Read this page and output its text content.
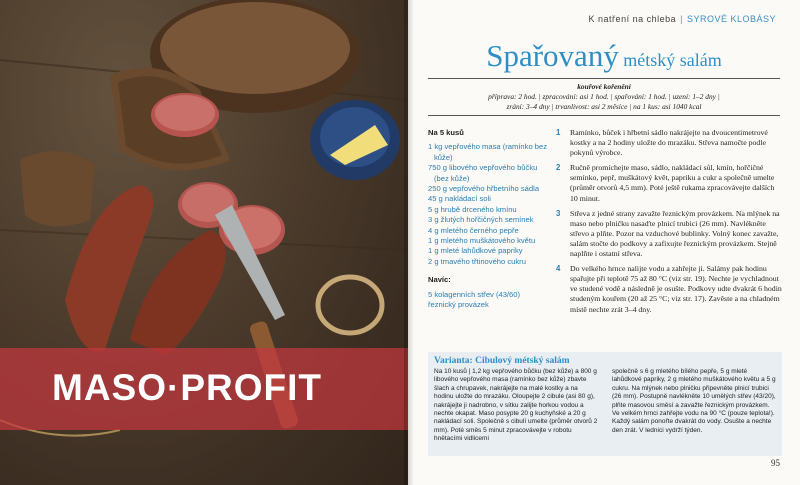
MASO·PROFIT
K natření na chleba | SYROVÉ KLOBÁSY
Spařovaný métský salám
kouřové kořenění
příprava: 2 hod. | zpracování: asi 1 hod. | spařování: 1 hod. | uzení: 1–2 dny |
zrání: 3–4 dny | trvanlivost: asi 2 měsíce | na 1 kus: asi 1040 kcal
Na 5 kusů
1 kg vepřového masa (ramínko bez kůže)
750 g libového vepřového bůčku (bez kůže)
250 g vepřového hřbetního sádla
45 g nakládací soli
5 g hrubě drceného kmínu
3 g žlutých hořčičných semínek
4 g mletého černého pepře
1 g mletého muškátového květu
1 g mleté lahůdkové papriky
2 g tmavého třtinového cukru
Navíc:
5 kolagenních střev (43/60)
řeznický provázek
1 Ramínko, bůček i hřbetní sádlo nakrájejte na dvoucentimetrové kostky a na 2 hodiny uložte do mrazáku. Střeva namočte podle pokynů výrobce.
2 Ručně promíchejte maso, sádlo, nakládací sůl, kmín, hořčičné semínko, pepř, muškátový květ, papriku a cukr a společně umelte (průměr otvorů 4,5 mm). Poté ještě rukama zpracovávejte dalších 10 minut.
3 Střeva z jedné strany zavažte řeznickým provázkem. Na mlýnek na maso nebo plničku nasaďte plnicí trubici (26 mm). Navlékněte střevo a plňte. Pozor na vzduchové bublinky. Volný konec zavažte, salám stočte do podkovy a zafixujte řeznickým provázkem. Stejně naplňte i ostatní střeva.
4 Do velkého hrnce nalijte vodu a zahřejte ji. Salámy pak hodinu spařujte při teplotě 75 až 80 °C (viz str. 19). Nechte je vychladnout ve studené vodě a následně je osušte. Podkovy udte dvakrát 6 hodin studeným kouřem (20 až 25 °C; viz str. 17). Zavěste a na chladném místě nechte zrát 3–4 dny.
Varianta: Cibulový métský salám
Na 10 kusů | 1,2 kg vepřového bůčku (bez kůže) a 800 g libového vepřového masa (ramínko bez kůže) zbavte šlach a chrupavek, nakrájejte na malé kostky a na hodinu uložte do mrazáku. Oloupejte 2 cibule (asi 80 g), nakrájejte ji nadrobno, v sítku zalijte horkou vodou a nechte okapat. Maso posypte 20 g kuchyňské a 20 g nakládací soli. Společně s cibulí umelte (průměr otvorů 2 mm). Poté směs 5 minut zpracovávejte v robotu hnětacími vidlicemi
společně s 6 g mletého bílého pepře, 5 g mleté lahůdkové papriky, 2 g mletého muškátového květu a 5 g cukru. Na mlýnek nebo plničku připevněte plnicí trubici (26 mm). Postupně navlékněte 10 umělých střev (43/20), plňte masovou směsí a zavažte řeznickým provázkem. Ve velkém hrnci zahřejte vodu na 90 °C (pouze teplota!). Každý salám ponořte dvakrát do vody. Osušte a nechte den zrát. V lednici vydrží týden.
95
